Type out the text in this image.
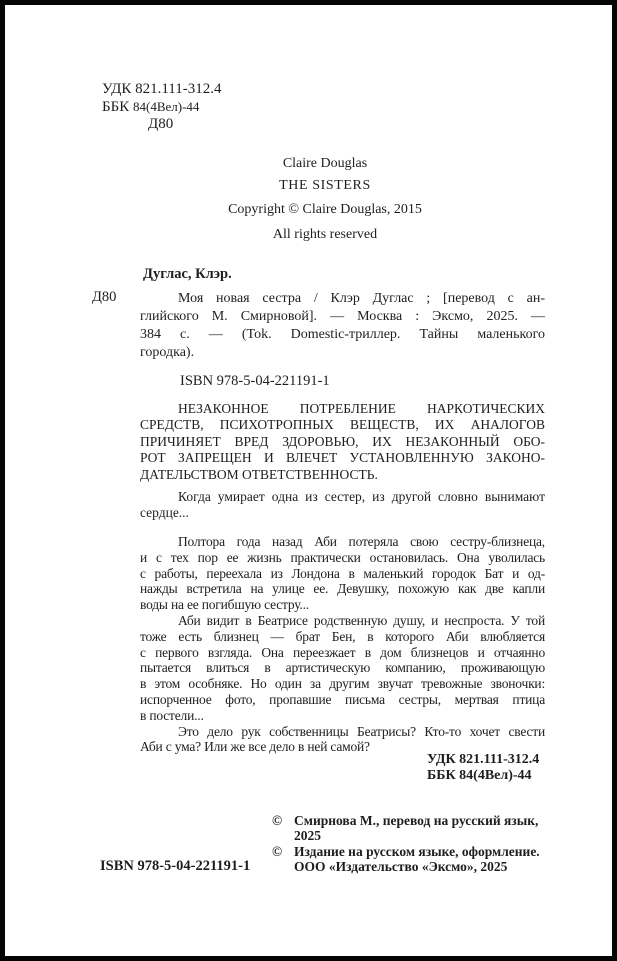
УДК 821.111-312.4
ББК 84(4Вел)-44
Д80
Claire Douglas
THE SISTERS
Copyright © Claire Douglas, 2015
All rights reserved
Дуглас, Клэр.
Д80	Моя новая сестра / Клэр Дуглас ; [перевод с ан-
глийского М. Смирновой]. — Москва : Эксмо, 2025. —
384 с. — (Tok. Domestic-триллер. Тайны маленького
городка).
ISBN 978-5-04-221191-1
НЕЗАКОННОЕ ПОТРЕБЛЕНИЕ НАРКОТИЧЕСКИХ
СРЕДСТВ, ПСИХОТРОПНЫХ ВЕЩЕСТВ, ИХ АНАЛОГОВ
ПРИЧИНЯЕТ ВРЕД ЗДОРОВЬЮ, ИХ НЕЗАКОННЫЙ ОБО-
РОТ ЗАПРЕЩЕН И ВЛЕЧЕТ УСТАНОВЛЕННУЮ ЗАКОНО-
ДАТЕЛЬСТВОМ ОТВЕТСТВЕННОСТЬ.
Когда умирает одна из сестер, из другой словно вынимают
сердце...
Полтора года назад Аби потеряла свою сестру-близнеца,
и с тех пор ее жизнь практически остановилась. Она уволилась
с работы, переехала из Лондона в маленький городок Бат и од-
нажды встретила на улице ее. Девушку, похожую как две капли
воды на ее погибшую сестру...
Аби видит в Беатрисе родственную душу, и неспроста. У той
тоже есть близнец — брат Бен, в которого Аби влюбляется
с первого взгляда. Она переезжает в дом близнецов и отчаянно
пытается влиться в артистическую компанию, проживающую
в этом особняке. Но один за другим звучат тревожные звоночки:
испорченное фото, пропавшие письма сестры, мертвая птица
в постели...
Это дело рук собственницы Беатрисы? Кто-то хочет свести
Аби с ума? Или же все дело в ней самой?
УДК 821.111-312.4
ББК 84(4Вел)-44
ISBN 978-5-04-221191-1
© Смирнова М., перевод на русский язык,
2025
© Издание на русском языке, оформление.
ООО «Издательство «Эксмо», 2025
